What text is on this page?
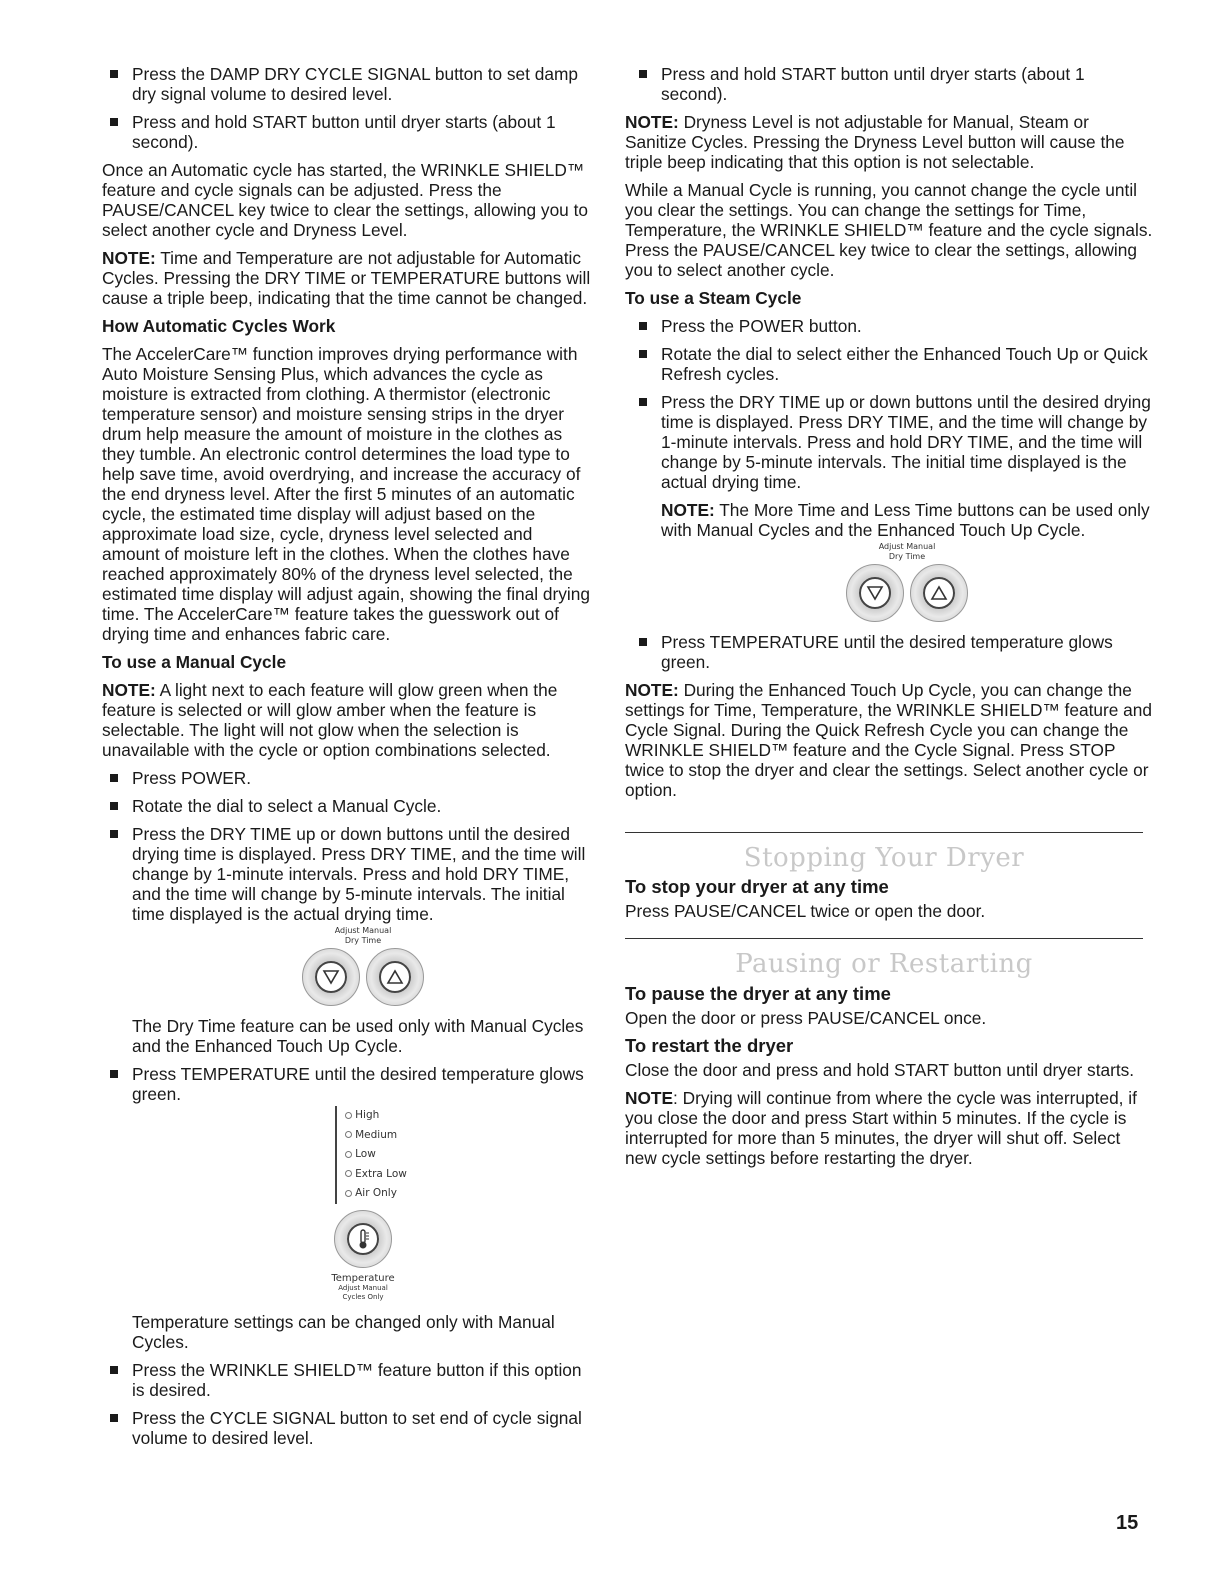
Press the DAMP DRY CYCLE SIGNAL button to set damp dry signal volume to desired level.
Press and hold START button until dryer starts (about 1 second).

Once an Automatic cycle has started, the WRINKLE SHIELD™ feature and cycle signals can be adjusted. Press the PAUSE/CANCEL key twice to clear the settings, allowing you to select another cycle and Dryness Level.

NOTE: Time and Temperature are not adjustable for Automatic Cycles. Pressing the DRY TIME or TEMPERATURE buttons will cause a triple beep, indicating that the time cannot be changed.

How Automatic Cycles Work

The AccelerCare™ function improves drying performance with Auto Moisture Sensing Plus, which advances the cycle as moisture is extracted from clothing. A thermistor (electronic temperature sensor) and moisture sensing strips in the dryer drum help measure the amount of moisture in the clothes as they tumble. An electronic control determines the load type to help save time, avoid overdrying, and increase the accuracy of the end dryness level. After the first 5 minutes of an automatic cycle, the estimated time display will adjust based on the approximate load size, cycle, dryness level selected and amount of moisture left in the clothes. When the clothes have reached approximately 80% of the dryness level selected, the estimated time display will adjust again, showing the final drying time. The AccelerCare™ feature takes the guesswork out of drying time and enhances fabric care.

To use a Manual Cycle

NOTE: A light next to each feature will glow green when the feature is selected or will glow amber when the feature is selectable. The light will not glow when the selection is unavailable with the cycle or option combinations selected.

Press POWER.
Rotate the dial to select a Manual Cycle.
Press the DRY TIME up or down buttons until the desired drying time is displayed. Press DRY TIME, and the time will change by 1-minute intervals. Press and hold DRY TIME, and the time will change by 5-minute intervals. The initial time displayed is the actual drying time.
Adjust Manual
Dry Time

The Dry Time feature can be used only with Manual Cycles and the Enhanced Touch Up Cycle.

Press TEMPERATURE until the desired temperature glows green.
High
Medium
Low
Extra Low
Air Only
Temperature
Adjust Manual
Cycles Only

Temperature settings can be changed only with Manual Cycles.

Press the WRINKLE SHIELD™ feature button if this option is desired.
Press the CYCLE SIGNAL button to set end of cycle signal volume to desired level.
Press and hold START button until dryer starts (about 1 second).

NOTE: Dryness Level is not adjustable for Manual, Steam or Sanitize Cycles. Pressing the Dryness Level button will cause the triple beep indicating that this option is not selectable.

While a Manual Cycle is running, you cannot change the cycle until you clear the settings. You can change the settings for Time, Temperature, the WRINKLE SHIELD™ feature and the cycle signals. Press the PAUSE/CANCEL key twice to clear the settings, allowing you to select another cycle.

To use a Steam Cycle
Press the POWER button.
Rotate the dial to select either the Enhanced Touch Up or Quick Refresh cycles.
Press the DRY TIME up or down buttons until the desired drying time is displayed. Press DRY TIME, and the time will change by 1-minute intervals. Press and hold DRY TIME, and the time will change by 5-minute intervals. The initial time displayed is the actual drying time.

NOTE: The More Time and Less Time buttons can be used only with Manual Cycles and the Enhanced Touch Up Cycle.

Adjust Manual
Dry Time
Press TEMPERATURE until the desired temperature glows green.

NOTE: During the Enhanced Touch Up Cycle, you can change the settings for Time, Temperature, the WRINKLE SHIELD™ feature and Cycle Signal. During the Quick Refresh Cycle you can change the WRINKLE SHIELD™ feature and the Cycle Signal. Press STOP twice to stop the dryer and clear the settings. Select another cycle or option.

Stopping Your Dryer
To stop your dryer at any time

Press PAUSE/CANCEL twice or open the door.

Pausing or Restarting
To pause the dryer at any time

Open the door or press PAUSE/CANCEL once.

To restart the dryer

Close the door and press and hold START button until dryer starts.

NOTE: Drying will continue from where the cycle was interrupted, if you close the door and press Start within 5 minutes. If the cycle is interrupted for more than 5 minutes, the dryer will shut off. Select new cycle settings before restarting the dryer.

15
